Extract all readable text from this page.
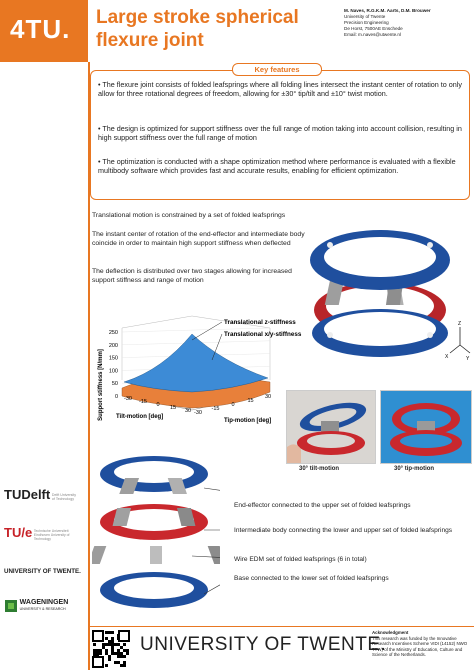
4TU. Large stroke spherical
flexure joint
M. Naves, R.G.K.M. Aarts, D.M. Brouwer
University of Twente
Precision Engineering
De Horst, 7500AE Enschede
Email: m.naves@utwente.nl
TUDelft Delft University of Technology
TU/e Technische Universiteit Eindhoven University of Technology
UNIVERSITY OF TWENTE.

WAGENINGEN
UNIVERSITY & RESEARCH
Key features
• The flexure joint consists of folded leafsprings where all folding lines intersect the instant center of rotation to only allow for three rotational degrees of freedom, allowing for ±30° tip/tilt and ±10° twist motion.
• The design is optimized for support stiffness over the full range of motion taking into account collision, resulting in high support stiffness over the full range of motion
• The optimization is conducted with a shape optimization method where performance is evaluated with a flexible multibody software which provides fast and accurate results, enabling for efficient optimization.
Translational motion is constrained by a set of folded leafsprings
The instant center of rotation of the end-effector and intermediate body coincide in order to maintain high support stiffness when deflected
The deflection is distributed over two stages allowing for increased support stiffness and range of motion
Z
X	Y
Translational z-stiffness
Translational x/y-stiffness
0
50
100
150
200
250
Support stiffness [N/mm]	-30 -15 0 15 30 -30
-15
0
15
30
Tilt-motion [deg]
Tip-motion [deg]
30° tilt-motion	30° tip-motion
End-effector connected to the upper set of folded leafsprings
Intermediate body connecting the lower and upper set of folded leafsprings
Wire EDM set of folded leafsprings (6 in total)
Base connected to the lower set of folded leafsprings
UNIVERSITY OF TWENTE.
Acknowledgment
This research was funded by the Innovative Research Incentives Scheme VIDI (14152) NWO TTW) of the Ministry of Education, Culture and Science of the Netherlands.
